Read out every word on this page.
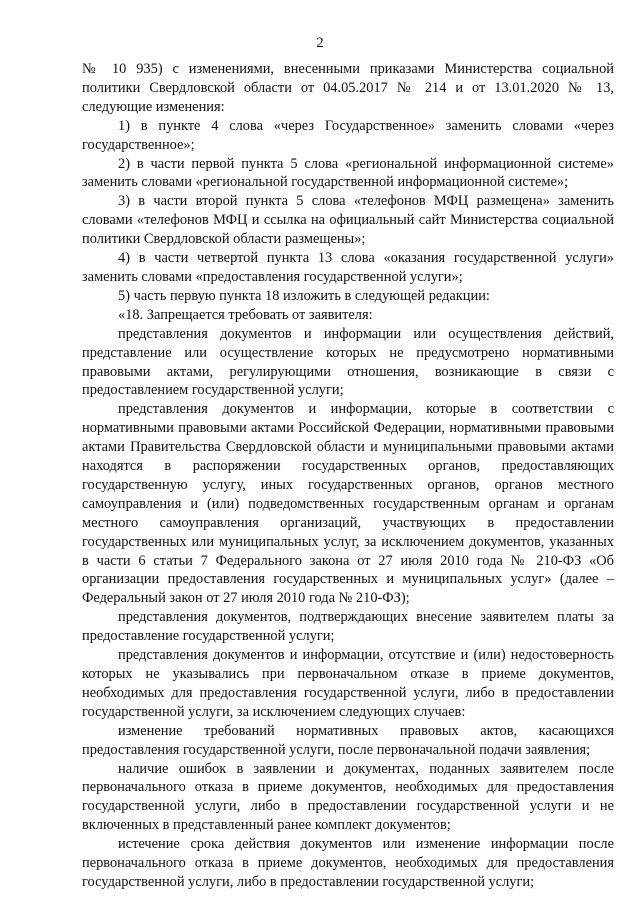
2

№ 10 935) с изменениями, внесенными приказами Министерства социальной политики Свердловской области от 04.05.2017 № 214 и от 13.01.2020 № 13, следующие изменения:

1) в пункте 4 слова «через Государственное» заменить словами «через государственное»;

2) в части первой пункта 5 слова «региональной информационной системе» заменить словами «региональной государственной информационной системе»;

3) в части второй пункта 5 слова «телефонов МФЦ размещена» заменить словами «телефонов МФЦ и ссылка на официальный сайт Министерства социальной политики Свердловской области размещены»;

4) в части четвертой пункта 13 слова «оказания государственной услуги» заменить словами «предоставления государственной услуги»;

5) часть первую пункта 18 изложить в следующей редакции:

«18. Запрещается требовать от заявителя:

представления документов и информации или осуществления действий, представление или осуществление которых не предусмотрено нормативными правовыми актами, регулирующими отношения, возникающие в связи с предоставлением государственной услуги;

представления документов и информации, которые в соответствии с нормативными правовыми актами Российской Федерации, нормативными правовыми актами Правительства Свердловской области и муниципальными правовыми актами находятся в распоряжении государственных органов, предоставляющих государственную услугу, иных государственных органов, органов местного самоуправления и (или) подведомственных государственным органам и органам местного самоуправления организаций, участвующих в предоставлении государственных или муниципальных услуг, за исключением документов, указанных в части 6 статьи 7 Федерального закона от 27 июля 2010 года № 210-ФЗ «Об организации предоставления государственных и муниципальных услуг» (далее – Федеральный закон от 27 июля 2010 года № 210-ФЗ);

представления документов, подтверждающих внесение заявителем платы за предоставление государственной услуги;

представления документов и информации, отсутствие и (или) недостоверность которых не указывались при первоначальном отказе в приеме документов, необходимых для предоставления государственной услуги, либо в предоставлении государственной услуги, за исключением следующих случаев:

изменение требований нормативных правовых актов, касающихся предоставления государственной услуги, после первоначальной подачи заявления;

наличие ошибок в заявлении и документах, поданных заявителем после первоначального отказа в приеме документов, необходимых для предоставления государственной услуги, либо в предоставлении государственной услуги и не включенных в представленный ранее комплект документов;

истечение срока действия документов или изменение информации после первоначального отказа в приеме документов, необходимых для предоставления государственной услуги, либо в предоставлении государственной услуги;
